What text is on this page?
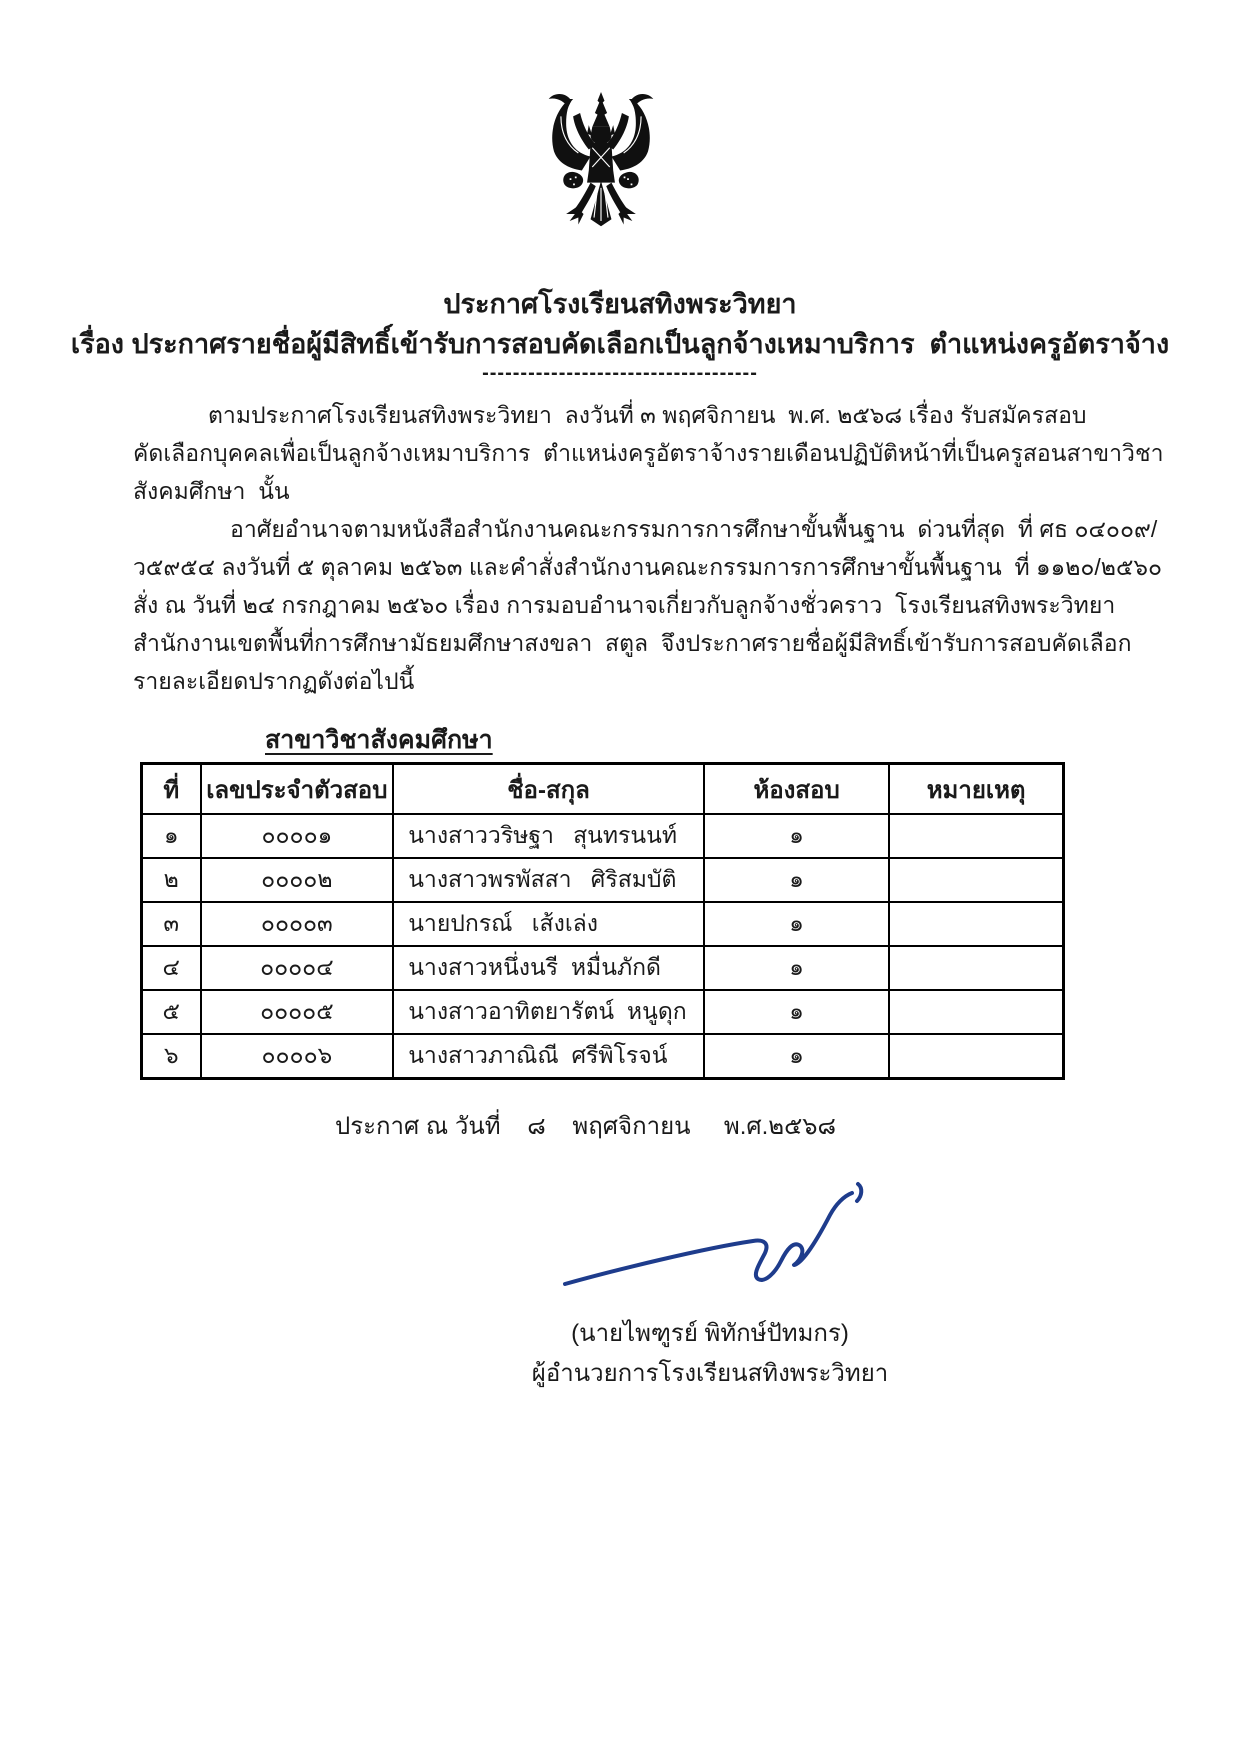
ประกาศโรงเรียนสทิงพระวิทยา
เรื่อง ประกาศรายชื่อผู้มีสิทธิ์เข้ารับการสอบคัดเลือกเป็นลูกจ้างเหมาบริการ  ตำแหน่งครูอัตราจ้าง
------------------------------------
ตามประกาศโรงเรียนสทิงพระวิทยา  ลงวันที่ ๓ พฤศจิกายน  พ.ศ. ๒๕๖๘ เรื่อง รับสมัครสอบ
คัดเลือกบุคคลเพื่อเป็นลูกจ้างเหมาบริการ  ตำแหน่งครูอัตราจ้างรายเดือนปฏิบัติหน้าที่เป็นครูสอนสาขาวิชา
สังคมศึกษา  นั้น
อาศัยอำนาจตามหนังสือสำนักงานคณะกรรมการการศึกษาขั้นพื้นฐาน  ด่วนที่สุด  ที่ ศธ ๐๔๐๐๙/
ว๕๙๕๔ ลงวันที่ ๕ ตุลาคม ๒๕๖๓ และคำสั่งสำนักงานคณะกรรมการการศึกษาขั้นพื้นฐาน  ที่ ๑๑๒๐/๒๕๖๐
สั่ง ณ วันที่ ๒๔ กรกฎาคม ๒๕๖๐ เรื่อง การมอบอำนาจเกี่ยวกับลูกจ้างชั่วคราว  โรงเรียนสทิงพระวิทยา
สำนักงานเขตพื้นที่การศึกษามัธยมศึกษาสงขลา  สตูล  จึงประกาศรายชื่อผู้มีสิทธิ์เข้ารับการสอบคัดเลือก
รายละเอียดปรากฏดังต่อไปนี้
สาขาวิชาสังคมศึกษา
ที่	เลขประจำตัวสอบ	ชื่อ-สกุล	ห้องสอบ	หมายเหตุ
๑	๐๐๐๐๑	นางสาววริษฐา   สุนทรนนท์	๑	
๒	๐๐๐๐๒	นางสาวพรพัสสา   ศิริสมบัติ	๑	
๓	๐๐๐๐๓	นายปกรณ์   เส้งเล่ง	๑	
๔	๐๐๐๐๔	นางสาวหนึ่งนรี  หมื่นภักดี	๑	
๕	๐๐๐๐๕	นางสาวอาทิตยารัตน์  หนูดุก	๑	
๖	๐๐๐๐๖	นางสาวภาณิณี  ศรีพิโรจน์	๑	
ประกาศ ณ วันที่    ๘    พฤศจิกายน     พ.ศ.๒๕๖๘
(นายไพฑูรย์ พิทักษ์ปัทมกร)
ผู้อำนวยการโรงเรียนสทิงพระวิทยา
